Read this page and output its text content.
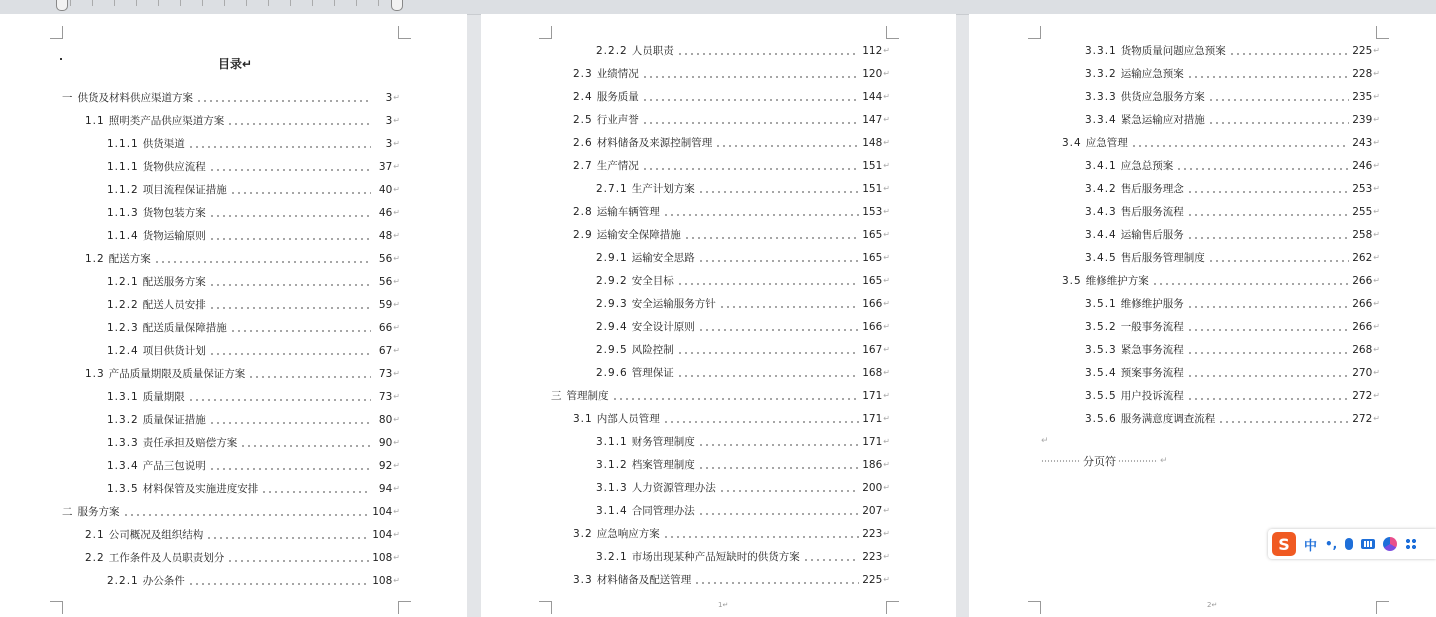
目录↵
一 供货及材料供应渠道方案	3 ↵
1.1 照明类产品供应渠道方案	3 ↵
1.1.1 供货渠道	3 ↵
1.1.1 货物供应流程	37 ↵
1.1.2 项目流程保证措施	40 ↵
1.1.3 货物包装方案	46 ↵
1.1.4 货物运输原则	48 ↵
1.2 配送方案	56 ↵
1.2.1 配送服务方案	56 ↵
1.2.2 配送人员安排	59 ↵
1.2.3 配送质量保障措施	66 ↵
1.2.4 项目供货计划	67 ↵
1.3 产品质量期限及质量保证方案	73 ↵
1.3.1 质量期限	73 ↵
1.3.2 质量保证措施	80 ↵
1.3.3 责任承担及赔偿方案	90 ↵
1.3.4 产品三包说明	92 ↵
1.3.5 材料保管及实施进度安排	94 ↵
二 服务方案	104 ↵
2.1 公司概况及组织结构	104 ↵
2.2 工作条件及人员职责划分	108 ↵
2.2.1 办公条件	108 ↵
2.2.2 人员职责	112 ↵
2.3 业绩情况	120 ↵
2.4 服务质量	144 ↵
2.5 行业声誉	147 ↵
2.6 材料储备及来源控制管理	148 ↵
2.7 生产情况	151 ↵
2.7.1 生产计划方案	151 ↵
2.8 运输车辆管理	153 ↵
2.9 运输安全保障措施	165 ↵
2.9.1 运输安全思路	165 ↵
2.9.2 安全目标	165 ↵
2.9.3 安全运输服务方针	166 ↵
2.9.4 安全设计原则	166 ↵
2.9.5 风险控制	167 ↵
2.9.6 管理保证	168 ↵
三 管理制度	171 ↵
3.1 内部人员管理	171 ↵
3.1.1 财务管理制度	171 ↵
3.1.2 档案管理制度	186 ↵
3.1.3 人力资源管理办法	200 ↵
3.1.4 合同管理办法	207 ↵
3.2 应急响应方案	223 ↵
3.2.1 市场出现某种产品短缺时的供货方案	223 ↵
3.3 材料储备及配送管理	225 ↵
1↵
3.3.1 货物质量问题应急预案	225 ↵
3.3.2 运输应急预案	228 ↵
3.3.3 供货应急服务方案	235 ↵
3.3.4 紧急运输应对措施	239 ↵
3.4 应急管理	243 ↵
3.4.1 应急总预案	246 ↵
3.4.2 售后服务理念	253 ↵
3.4.3 售后服务流程	255 ↵
3.4.4 运输售后服务	258 ↵
3.4.5 售后服务管理制度	262 ↵
3.5 维修维护方案	266 ↵
3.5.1 维修维护服务	266 ↵
3.5.2 一般事务流程	266 ↵
3.5.3 紧急事务流程	268 ↵
3.5.4 预案事务流程	270 ↵
3.5.5 用户投诉流程	272 ↵
3.5.6 服务满意度调查流程	272 ↵
↵
分页符	↵
2↵
S	中 •,
